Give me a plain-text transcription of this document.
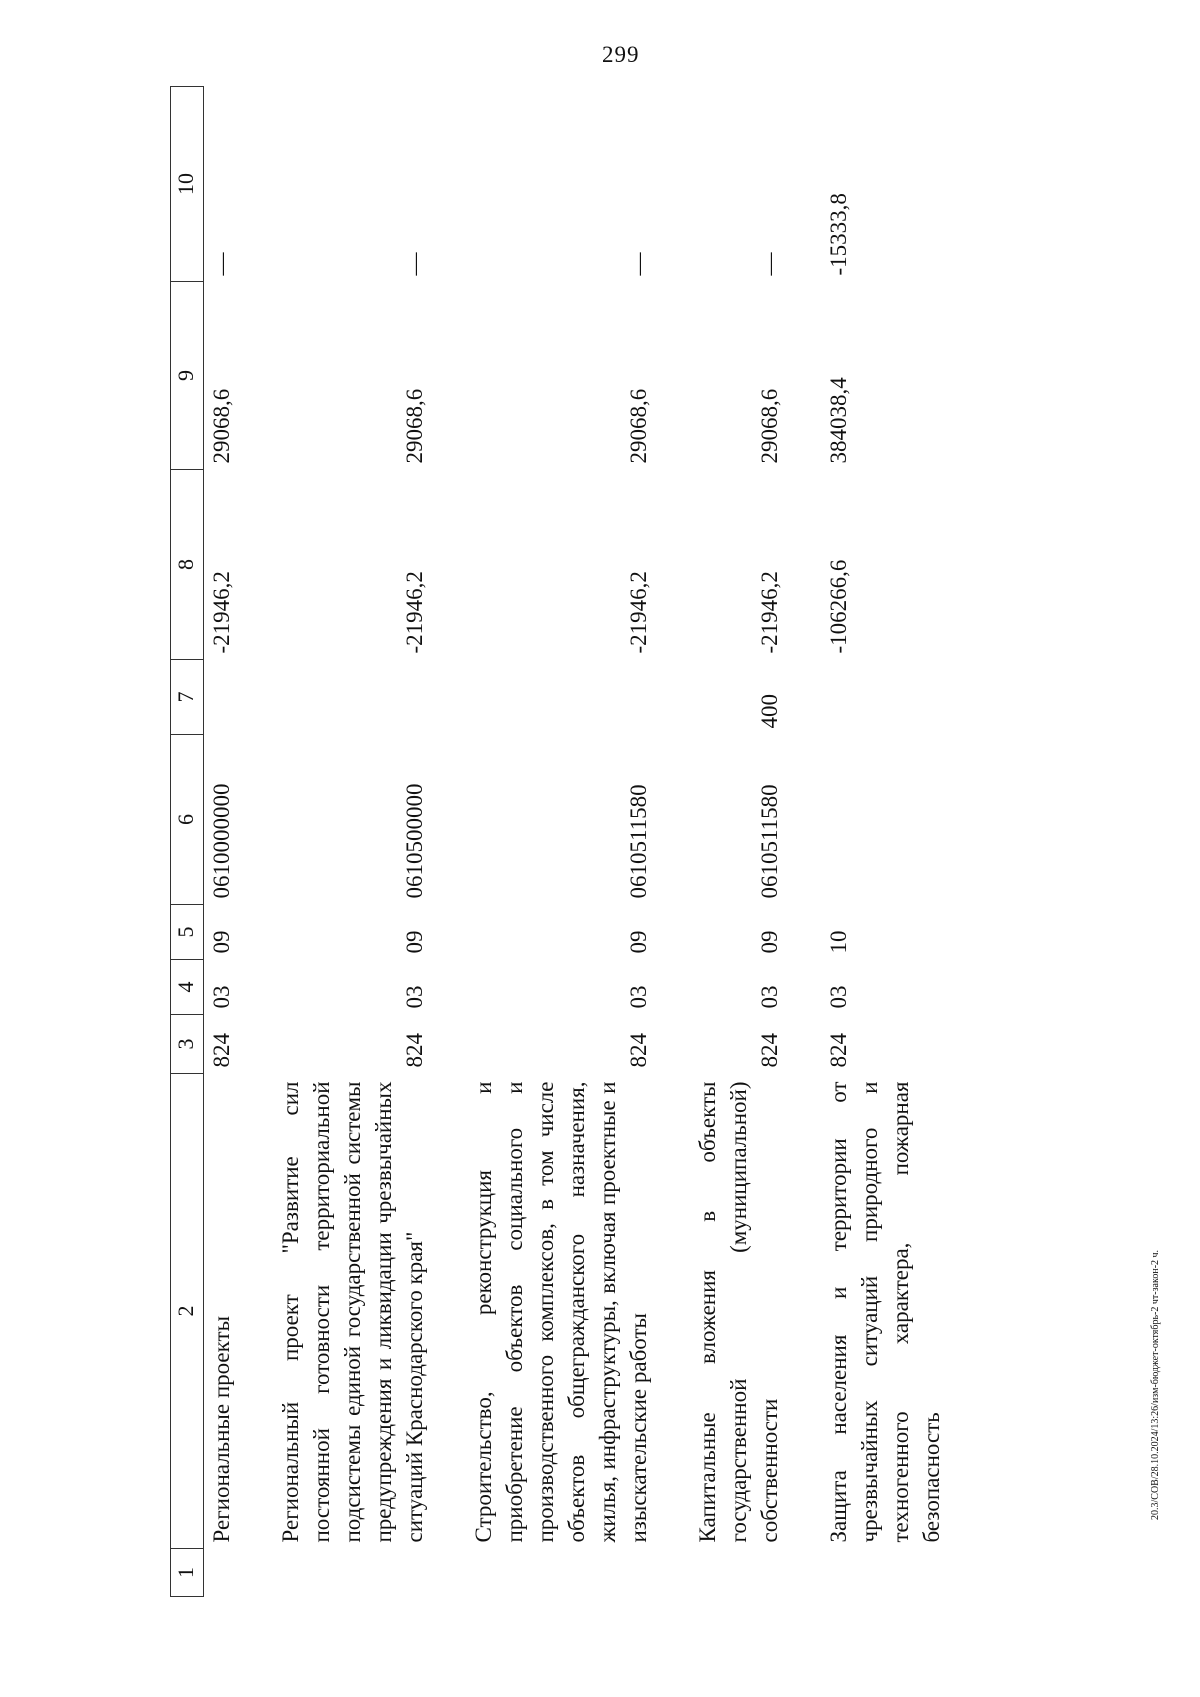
299
20.3/СОВ/28.10.2024/13:26/изм-бюджет-октябрь-2 чт-закон-2 ч.
1	2	3	4	5	6	7	8	9	10
	Региональные проекты	824	03	09	0610000000		-21946,2	29068,6	—
	Региональный проект "Развитие сил постоянной готовности территориальной подсистемы единой государственной системы предупреждения и ликвидации чрезвычайных ситуаций Краснодарского края"	824	03	09	0610500000		-21946,2	29068,6	—
	Строительство, реконструкция и приобретение объектов социального и производственного комплексов, в том числе объектов общегражданского назначения, жилья, инфраструктуры, включая проектные и изыскательские работы	824	03	09	0610511580		-21946,2	29068,6	—
	Капитальные вложения в объекты государственной (муниципальной) собственности	824	03	09	0610511580	400	-21946,2	29068,6	—
	Защита населения и территории от чрезвычайных ситуаций природного и техногенного характера, пожарная безопасность	824	03	10			-106266,6	384038,4	-15333,8
